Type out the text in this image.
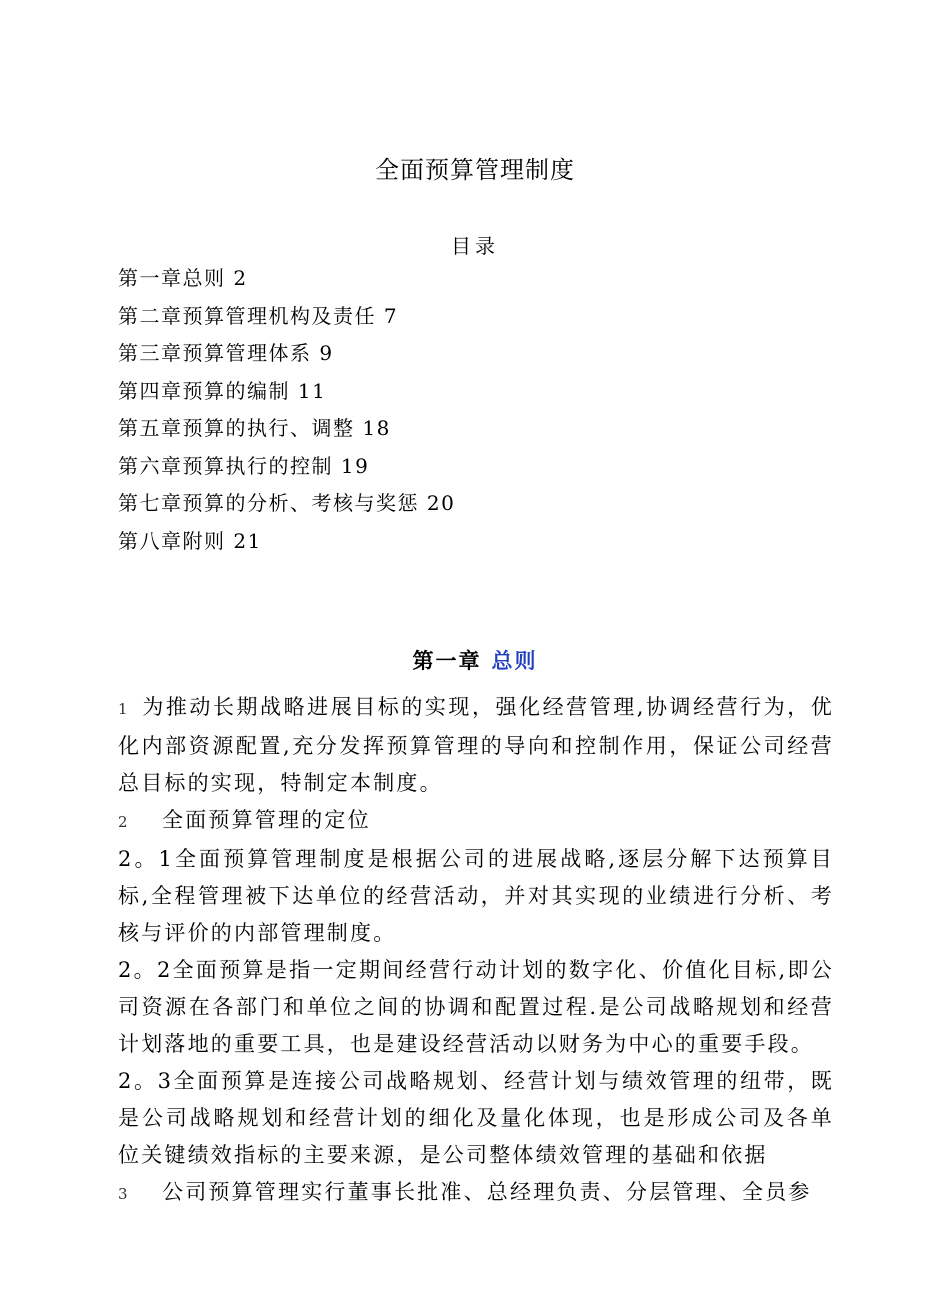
全面预算管理制度
目录
第一章总则 2
第二章预算管理机构及责任 7
第三章预算管理体系 9
第四章预算的编制 11
第五章预算的执行、调整 18
第六章预算执行的控制 19
第七章预算的分析、考核与奖惩 20
第八章附则 21
第一章 总则

1 为推动长期战略进展目标的实现，强化经营管理,协调经营行为，优化内部资源配置,充分发挥预算管理的导向和控制作用，保证公司经营总目标的实现，特制定本制度。

2 全面预算管理的定位

2。1全面预算管理制度是根据公司的进展战略,逐层分解下达预算目标,全程管理被下达单位的经营活动，并对其实现的业绩进行分析、考核与评价的内部管理制度。

2。2全面预算是指一定期间经营行动计划的数字化、价值化目标,即公司资源在各部门和单位之间的协调和配置过程.是公司战略规划和经营计划落地的重要工具，也是建设经营活动以财务为中心的重要手段。

2。3全面预算是连接公司战略规划、经营计划与绩效管理的纽带，既是公司战略规划和经营计划的细化及量化体现，也是形成公司及各单位关键绩效指标的主要来源，是公司整体绩效管理的基础和依据

3 公司预算管理实行董事长批准、总经理负责、分层管理、全员参
